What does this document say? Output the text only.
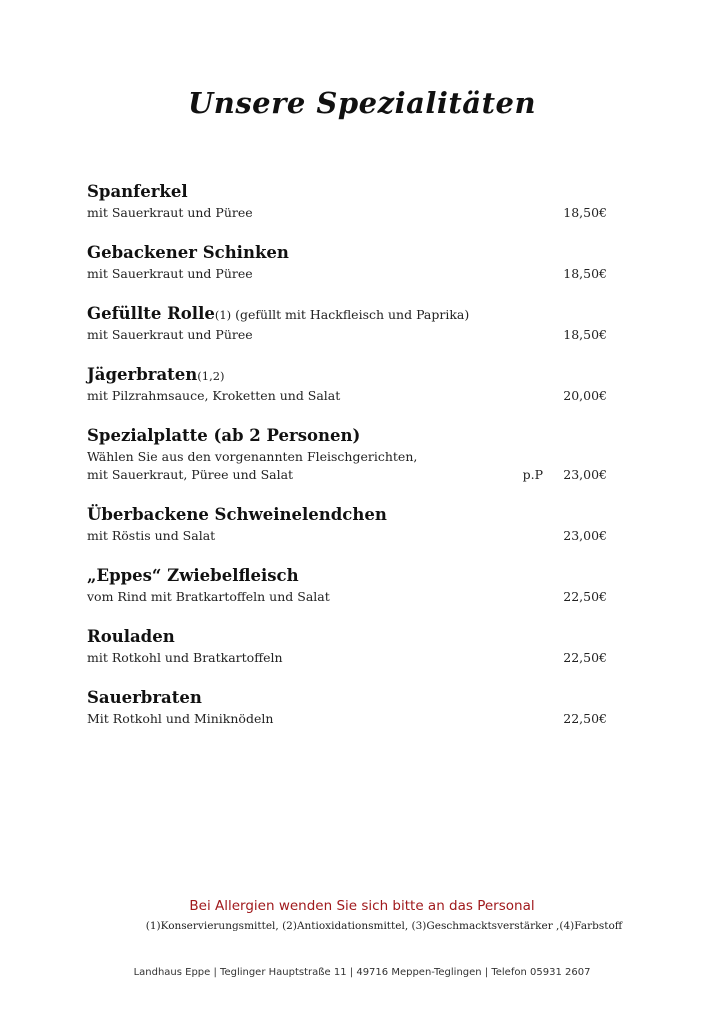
Unsere Spezialitäten
Spanferkel
mit Sauerkraut und Püree	18,50€
Gebackener Schinken
mit Sauerkraut und Püree	18,50€
Gefüllte Rolle(1) (gefüllt mit Hackfleisch und Paprika)
mit Sauerkraut und Püree	18,50€
Jägerbraten(1,2)
mit Pilzrahmsauce, Kroketten und Salat	20,00€
Spezialplatte (ab 2 Personen)
Wählen Sie aus den vorgenannten Fleischgerichten,
mit Sauerkraut, Püree und Salat	p.P 23,00€
Überbackene Schweinelendchen
mit Röstis und Salat	23,00€
„Eppes“ Zwiebelfleisch
vom Rind mit Bratkartoffeln und Salat	22,50€
Rouladen
mit Rotkohl und Bratkartoffeln	22,50€
Sauerbraten
Mit Rotkohl und Miniknödeln	22,50€
Bei Allergien wenden Sie sich bitte an das Personal
(1)Konservierungsmittel, (2)Antioxidationsmittel, (3)Geschmacktsverstärker ,(4)Farbstoff
Landhaus Eppe | Teglinger Hauptstraße 11 | 49716 Meppen-Teglingen | Telefon 05931 2607
